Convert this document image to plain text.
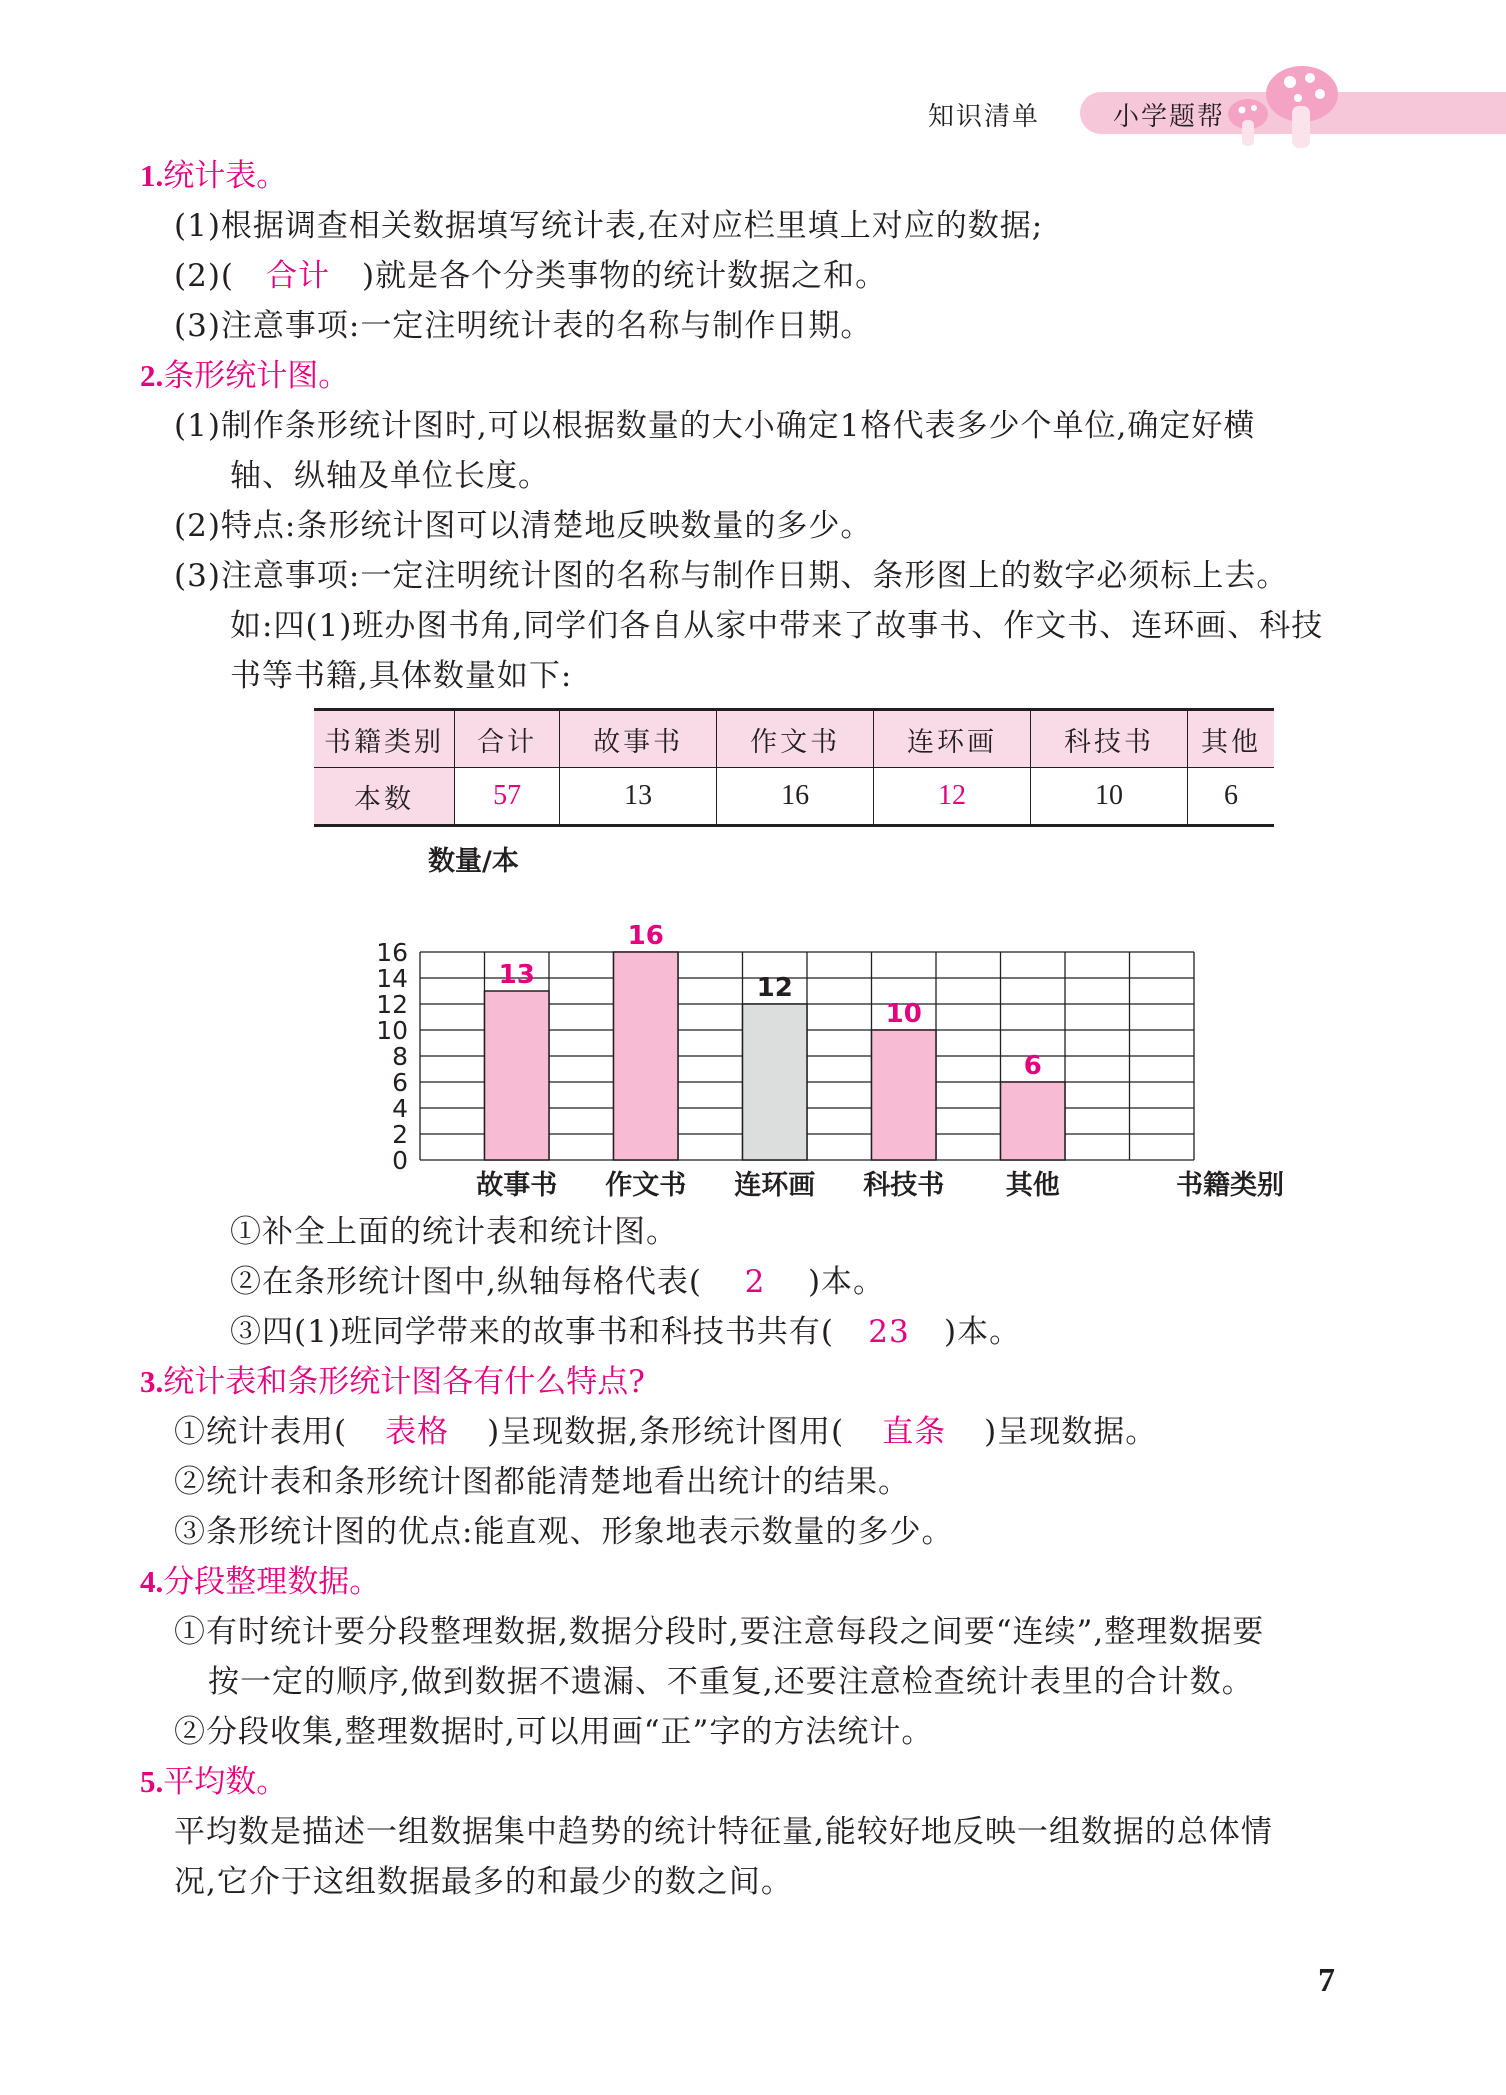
知识清单	小学题帮
1.统计表。
(1)根据调查相关数据填写统计表,在对应栏里填上对应的数据;
(2)( 合计 )就是各个分类事物的统计数据之和。
(3)注意事项:一定注明统计表的名称与制作日期。
2.条形统计图。
(1)制作条形统计图时,可以根据数量的大小确定1格代表多少个单位,确定好横
轴、纵轴及单位长度。
(2)特点:条形统计图可以清楚地反映数量的多少。
(3)注意事项:一定注明统计图的名称与制作日期、条形图上的数字必须标上去。
如:四(1)班办图书角,同学们各自从家中带来了故事书、作文书、连环画、科技
书等书籍,具体数量如下:
书籍类别	合计	故事书	作文书	连环画	科技书	其他
本数	57	13	16	12	10	6
0
2
4
6
8
10
12
14
16
数量/本
13
故事书
16
作文书
12
连环画
10
科技书
6
其他	书籍类别
①补全上面的统计表和统计图。
②在条形统计图中,纵轴每格代表( 2 )本。
③四(1)班同学带来的故事书和科技书共有( 23 )本。
3.统计表和条形统计图各有什么特点?
①统计表用( 表格 )呈现数据,条形统计图用( 直条 )呈现数据。
②统计表和条形统计图都能清楚地看出统计的结果。
③条形统计图的优点:能直观、形象地表示数量的多少。
4.分段整理数据。
①有时统计要分段整理数据,数据分段时,要注意每段之间要“连续”,整理数据要
按一定的顺序,做到数据不遗漏、不重复,还要注意检查统计表里的合计数。
②分段收集,整理数据时,可以用画“正”字的方法统计。
5.平均数。
平均数是描述一组数据集中趋势的统计特征量,能较好地反映一组数据的总体情
况,它介于这组数据最多的和最少的数之间。
7
